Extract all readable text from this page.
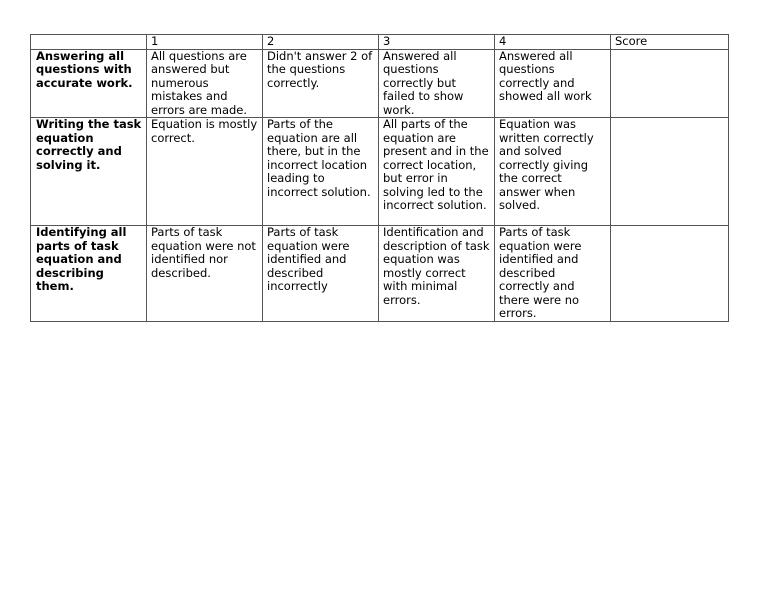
	1	2	3	4	Score
Answering all questions with accurate work.	All questions are answered but numerous mistakes and errors are made.	Didn't answer 2 of the questions correctly.	Answered all questions correctly but failed to show work.	Answered all questions correctly and showed all work	
Writing the task equation correctly and solving it.	Equation is mostly correct.	Parts of the equation are all there, but in the incorrect location leading to incorrect solution.	All parts of the equation are present and in the correct location, but error in solving led to the incorrect solution.	Equation was written correctly and solved correctly giving the correct answer when solved.	
Identifying all parts of task equation and describing them.	Parts of task equation were not identified nor described.	Parts of task equation were identified and described incorrectly	Identification and description of task equation was mostly correct with minimal errors.	Parts of task equation were identified and described correctly and there were no errors.	
